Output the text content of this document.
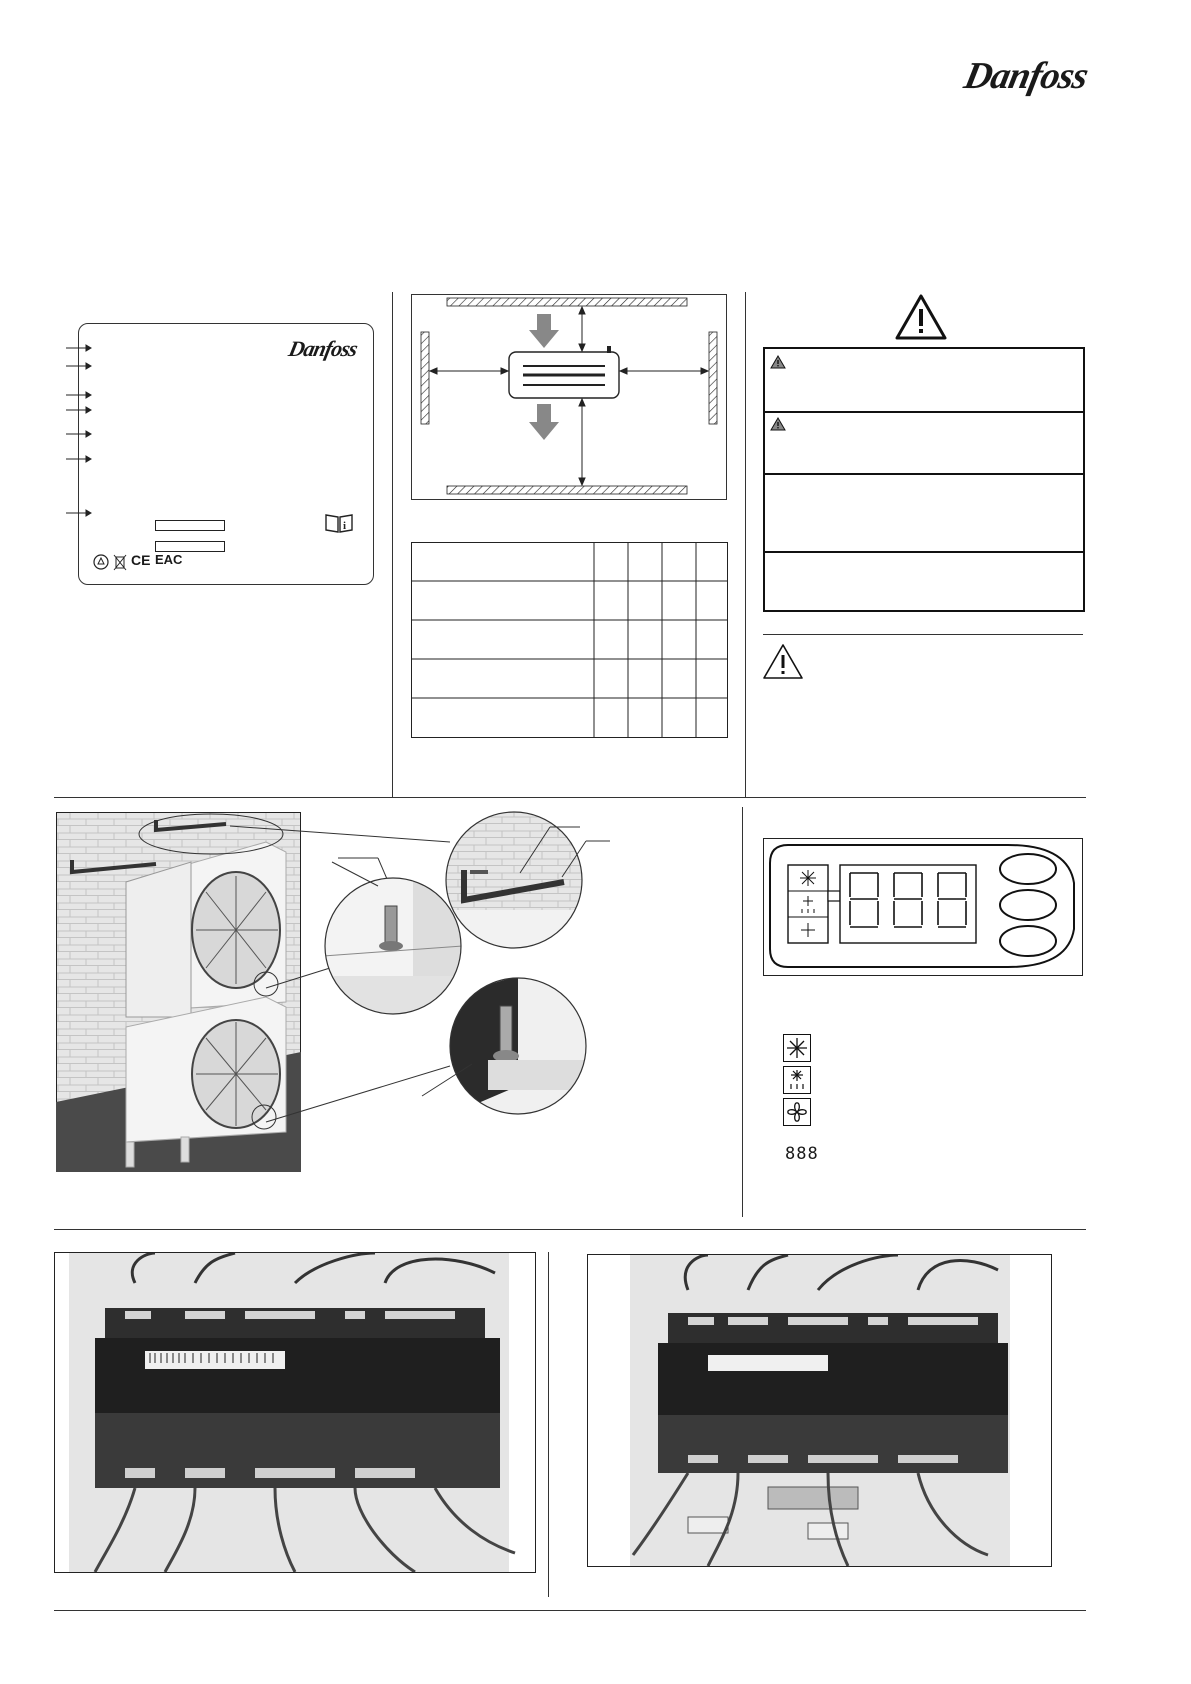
Danfoss
Danfoss
i
CE EAC
888
